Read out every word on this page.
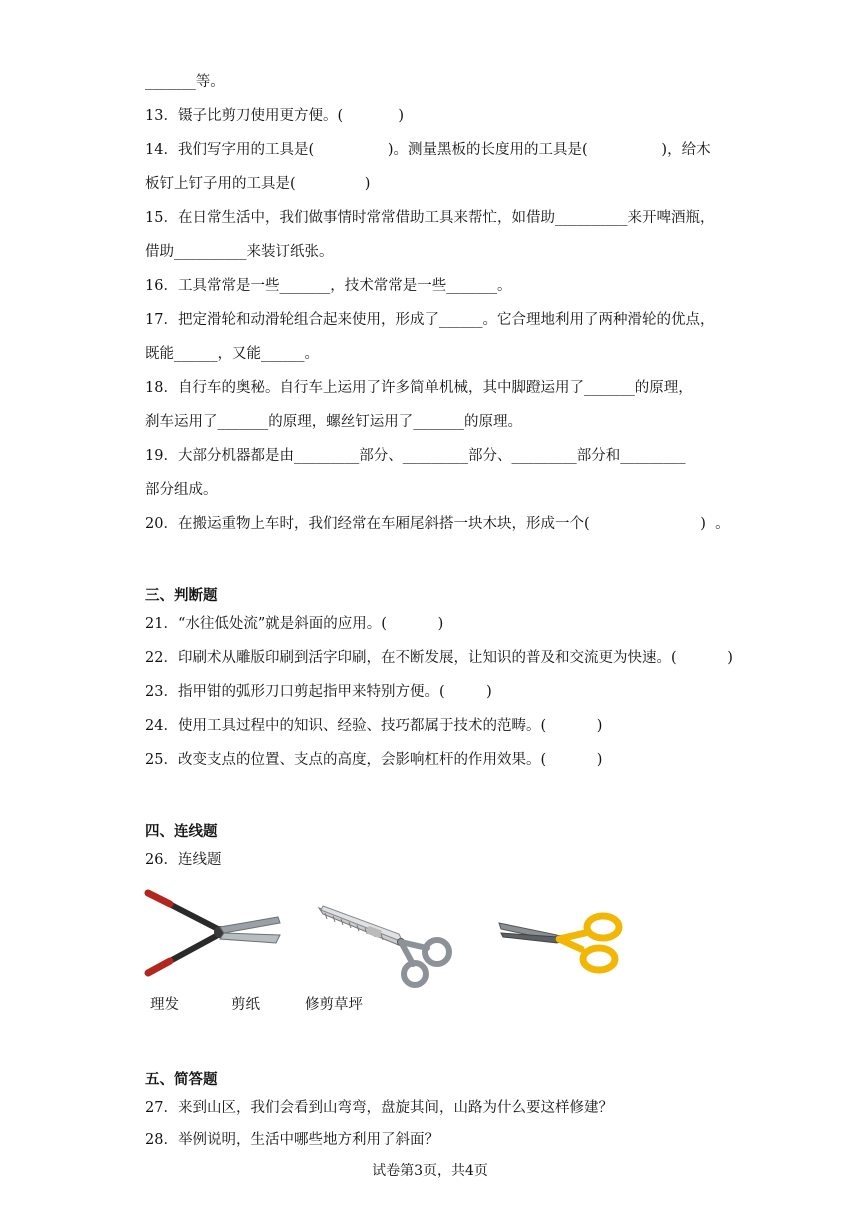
_______等。
13．镊子比剪刀使用更方便。(            )
14．我们写字用的工具是(                )。测量黑板的长度用的工具是(                )，给木
板钉上钉子用的工具是(               )
15．在日常生活中，我们做事情时常常借助工具来帮忙，如借助__________来开啤酒瓶，
借助__________来装订纸张。
16．工具常常是一些_______，技术常常是一些_______。
17．把定滑轮和动滑轮组合起来使用，形成了______。它合理地利用了两种滑轮的优点，
既能______，又能______。
18．自行车的奥秘。自行车上运用了许多简单机械，其中脚蹬运用了_______的原理，
刹车运用了_______的原理，螺丝钉运用了_______的原理。
19．大部分机器都是由_________部分、_________部分、_________部分和_________
部分组成。
20．在搬运重物上车时，我们经常在车厢尾斜搭一块木块，形成一个(                        )  。
三、判断题
21．“水往低处流”就是斜面的应用。(           )
22．印刷术从雕版印刷到活字印刷，在不断发展，让知识的普及和交流更为快速。(           )
23．指甲钳的弧形刀口剪起指甲来特别方便。(         )
24．使用工具过程中的知识、经验、技巧都属于技术的范畴。(           )
25．改变支点的位置、支点的高度，会影响杠杆的作用效果。(           )
四、连线题
26．连线题
理发	剪纸	修剪草坪
五、简答题
27．来到山区，我们会看到山弯弯，盘旋其间，山路为什么要这样修建？
28．举例说明，生活中哪些地方利用了斜面？
试卷第3页，共4页
